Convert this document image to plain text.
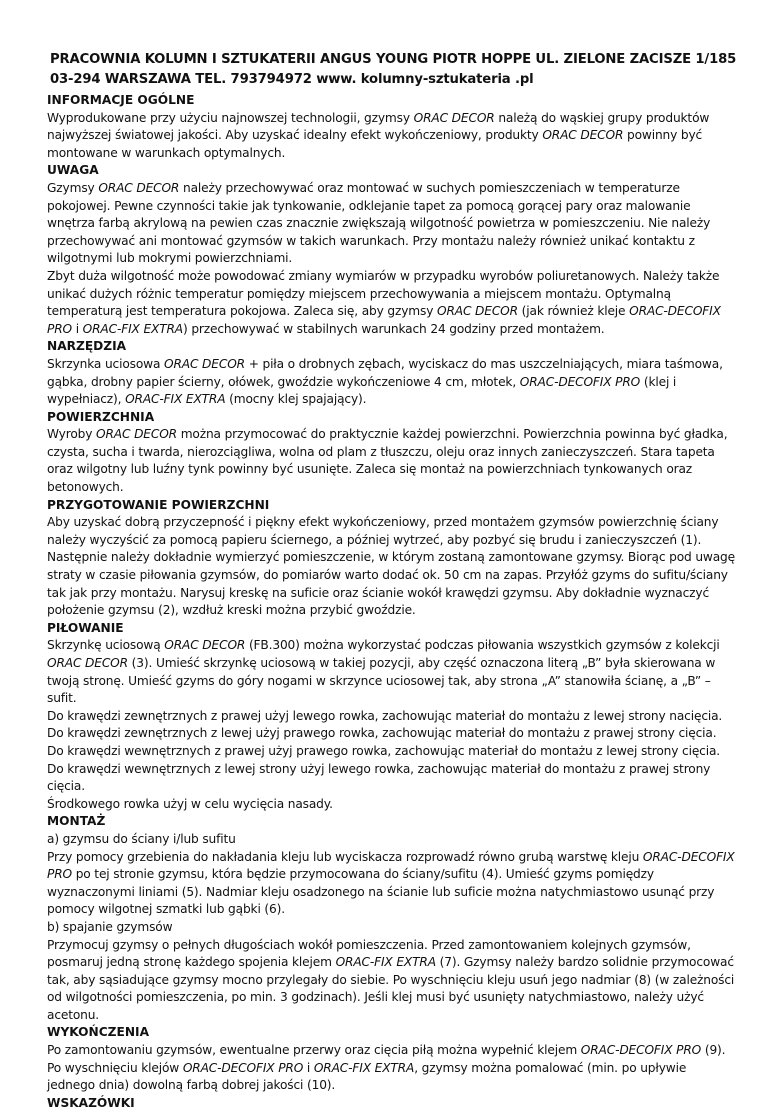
PRACOWNIA KOLUMN I SZTUKATERII ANGUS YOUNG PIOTR HOPPE UL. ZIELONE ZACISZE 1/185 03-294 WARSZAWA TEL. 793794972 www. kolumny-sztukateria .pl
INFORMACJE OGÓLNE
Wyprodukowane przy użyciu najnowszej technologii, gzymsy ORAC DECOR należą do wąskiej grupy produktów najwyższej światowej jakości. Aby uzyskać idealny efekt wykończeniowy, produkty ORAC DECOR powinny być montowane w warunkach optymalnych.
UWAGA
Gzymsy ORAC DECOR należy przechowywać oraz montować w suchych pomieszczeniach w temperaturze pokojowej. Pewne czynności takie jak tynkowanie, odklejanie tapet za pomocą gorącej pary oraz malowanie wnętrza farbą akrylową na pewien czas znacznie zwiększają wilgotność powietrza w pomieszczeniu. Nie należy przechowywać ani montować gzymsów w takich warunkach. Przy montażu należy również unikać kontaktu z wilgotnymi lub mokrymi powierzchniami.
Zbyt duża wilgotność może powodować zmiany wymiarów w przypadku wyrobów poliuretanowych. Należy także unikać dużych różnic temperatur pomiędzy miejscem przechowywania a miejscem montażu. Optymalną temperaturą jest temperatura pokojowa. Zaleca się, aby gzymsy ORAC DECOR (jak również kleje ORAC-DECOFIX PRO i ORAC-FIX EXTRA) przechowywać w stabilnych warunkach 24 godziny przed montażem.
NARZĘDZIA
Skrzynka uciosowa ORAC DECOR + piła o drobnych zębach, wyciskacz do mas uszczelniających, miara taśmowa, gąbka, drobny papier ścierny, ołówek, gwoździe wykończeniowe 4 cm, młotek, ORAC-DECOFIX PRO (klej i wypełniacz), ORAC-FIX EXTRA (mocny klej spajający).
POWIERZCHNIA
Wyroby ORAC DECOR można przymocować do praktycznie każdej powierzchni. Powierzchnia powinna być gładka, czysta, sucha i twarda, nierozciągliwa, wolna od plam z tłuszczu, oleju oraz innych zanieczyszczeń. Stara tapeta oraz wilgotny lub luźny tynk powinny być usunięte. Zaleca się montaż na powierzchniach tynkowanych oraz betonowych.
PRZYGOTOWANIE POWIERZCHNI
Aby uzyskać dobrą przyczepność i piękny efekt wykończeniowy, przed montażem gzymsów powierzchnię ściany należy wyczyścić za pomocą papieru ściernego, a później wytrzeć, aby pozbyć się brudu i zanieczyszczeń (1). Następnie należy dokładnie wymierzyć pomieszczenie, w którym zostaną zamontowane gzymsy. Biorąc pod uwagę straty w czasie piłowania gzymsów, do pomiarów warto dodać ok. 50 cm na zapas. Przyłóż gzyms do sufitu/ściany tak jak przy montażu. Narysuj kreskę na suficie oraz ścianie wokół krawędzi gzymsu. Aby dokładnie wyznaczyć położenie gzymsu (2), wzdłuż kreski można przybić gwoździe.
PIŁOWANIE
Skrzynkę uciosową ORAC DECOR (FB.300) można wykorzystać podczas piłowania wszystkich gzymsów z kolekcji ORAC DECOR (3). Umieść skrzynkę uciosową w takiej pozycji, aby część oznaczona literą „B” była skierowana w twoją stronę. Umieść gzyms do góry nogami w skrzynce uciosowej tak, aby strona „A” stanowiła ścianę, a „B” – sufit.
Do krawędzi zewnętrznych z prawej użyj lewego rowka, zachowując materiał do montażu z lewej strony nacięcia. Do krawędzi zewnętrznych z lewej użyj prawego rowka, zachowując materiał do montażu z prawej strony cięcia.
Do krawędzi wewnętrznych z prawej użyj prawego rowka, zachowując materiał do montażu z lewej strony cięcia. Do krawędzi wewnętrznych z lewej strony użyj lewego rowka, zachowując materiał do montażu z prawej strony cięcia.
Środkowego rowka użyj w celu wycięcia nasady.
MONTAŻ
a) gzymsu do ściany i/lub sufitu
Przy pomocy grzebienia do nakładania kleju lub wyciskacza rozprowadź równo grubą warstwę kleju ORAC-DECOFIX PRO po tej stronie gzymsu, która będzie przymocowana do ściany/sufitu (4). Umieść gzyms pomiędzy wyznaczonymi liniami (5). Nadmiar kleju osadzonego na ścianie lub suficie można natychmiastowo usunąć przy pomocy wilgotnej szmatki lub gąbki (6).
b) spajanie gzymsów
Przymocuj gzymsy o pełnych długościach wokół pomieszczenia. Przed zamontowaniem kolejnych gzymsów, posmaruj jedną stronę każdego spojenia klejem ORAC-FIX EXTRA (7). Gzymsy należy bardzo solidnie przymocować tak, aby sąsiadujące gzymsy mocno przylegały do siebie. Po wyschnięciu kleju usuń jego nadmiar (8) (w zależności od wilgotności pomieszczenia, po min. 3 godzinach). Jeśli klej musi być usunięty natychmiastowo, należy użyć acetonu.
WYKOŃCZENIA
Po zamontowaniu gzymsów, ewentualne przerwy oraz cięcia piłą można wypełnić klejem ORAC-DECOFIX PRO (9).
Po wyschnięciu klejów ORAC-DECOFIX PRO i ORAC-FIX EXTRA, gzymsy można pomalować (min. po upływie jednego dnia) dowolną farbą dobrej jakości (10).
WSKAZÓWKI
